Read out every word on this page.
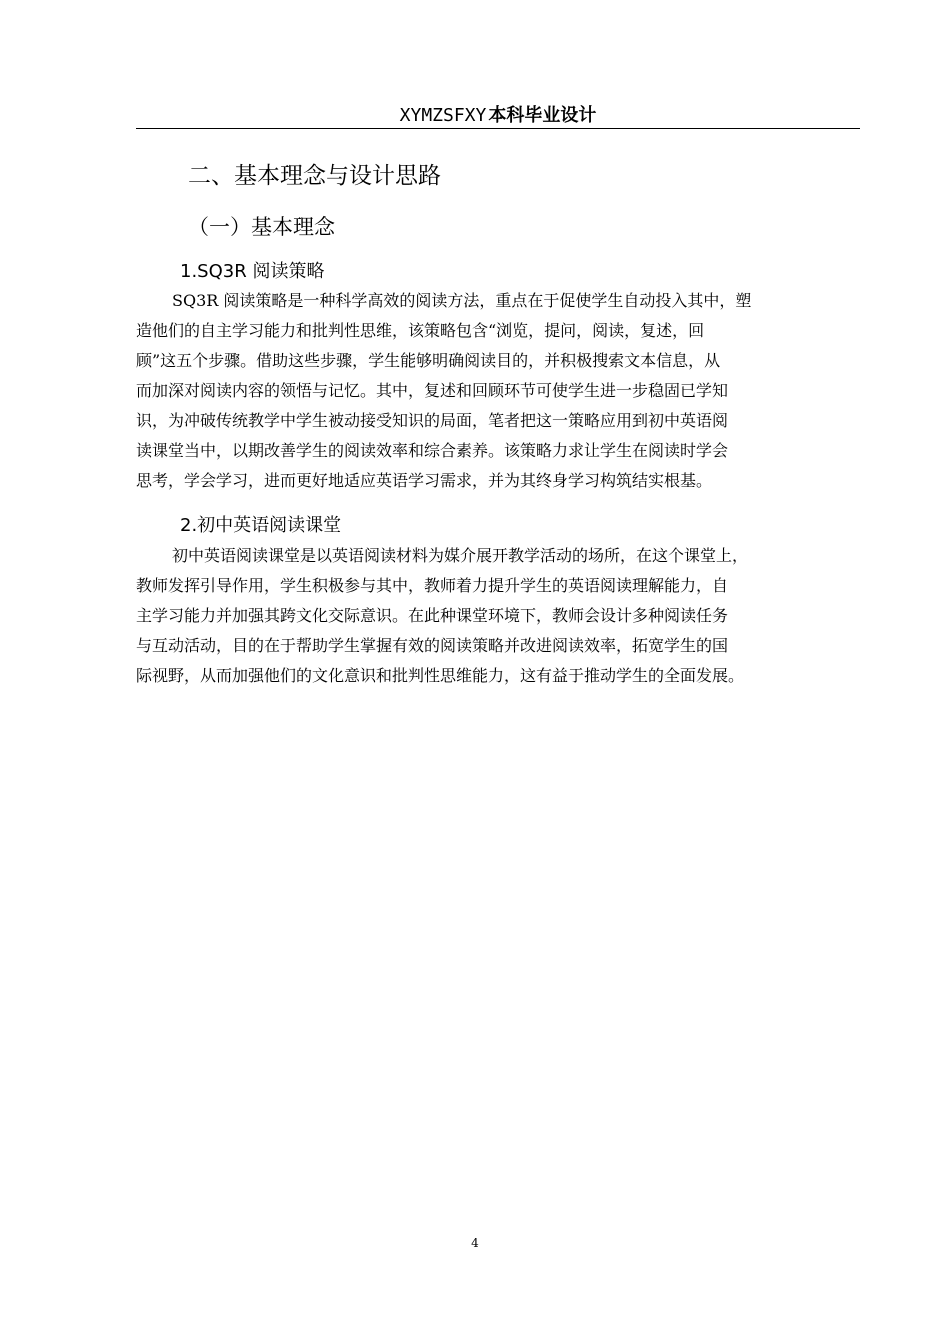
XYMZSFXY 本科毕业设计
二、基本理念与设计思路
（一）基本理念
1.SQ3R 阅读策略
SQ3R 阅读策略是一种科学高效的阅读方法，重点在于促使学生自动投入其中，塑
造他们的自主学习能力和批判性思维，该策略包含“浏览，提问，阅读，复述，回
顾”这五个步骤。借助这些步骤，学生能够明确阅读目的，并积极搜索文本信息，从
而加深对阅读内容的领悟与记忆。其中，复述和回顾环节可使学生进一步稳固已学知
识，为冲破传统教学中学生被动接受知识的局面，笔者把这一策略应用到初中英语阅
读课堂当中，以期改善学生的阅读效率和综合素养。该策略力求让学生在阅读时学会
思考，学会学习，进而更好地适应英语学习需求，并为其终身学习构筑结实根基。
2.初中英语阅读课堂
初中英语阅读课堂是以英语阅读材料为媒介展开教学活动的场所，在这个课堂上，
教师发挥引导作用，学生积极参与其中，教师着力提升学生的英语阅读理解能力，自
主学习能力并加强其跨文化交际意识。在此种课堂环境下，教师会设计多种阅读任务
与互动活动，目的在于帮助学生掌握有效的阅读策略并改进阅读效率，拓宽学生的国
际视野，从而加强他们的文化意识和批判性思维能力，这有益于推动学生的全面发展。
4
